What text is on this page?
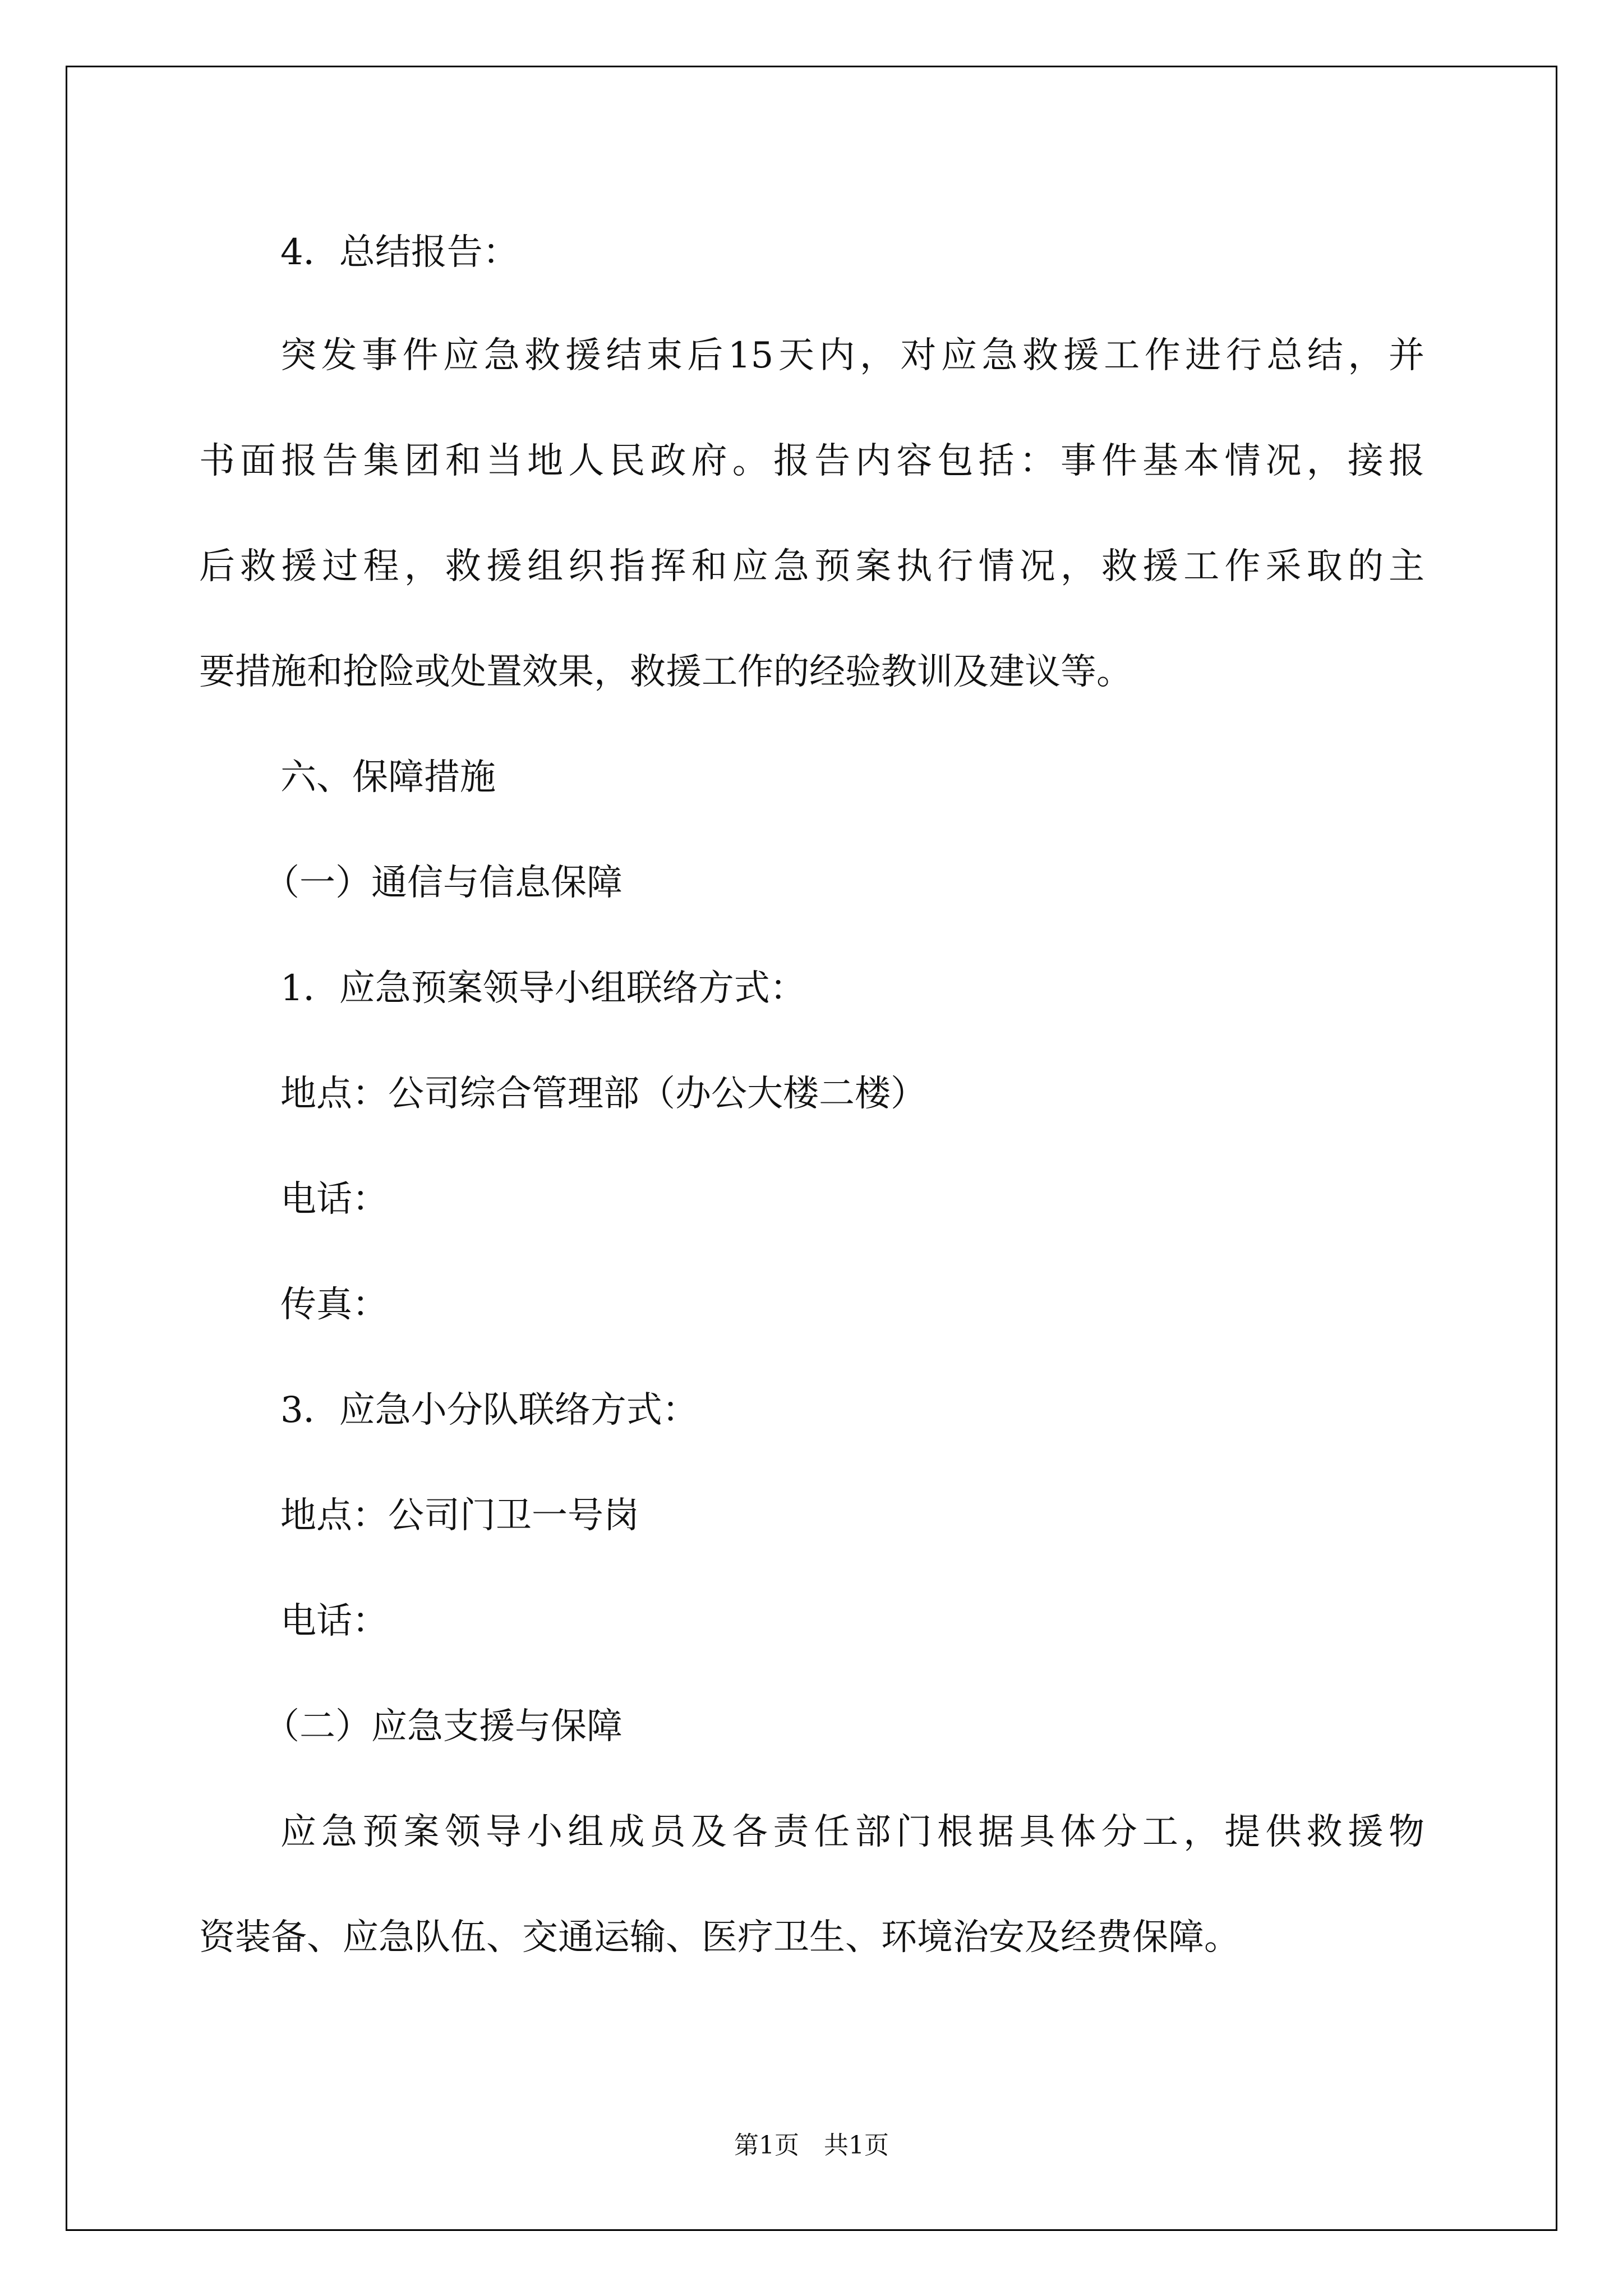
4．总结报告：
突发事件应急救援结束后15天内，对应急救援工作进行总结，并
书面报告集团和当地人民政府。报告内容包括：事件基本情况，接报
后救援过程，救援组织指挥和应急预案执行情况，救援工作采取的主
要措施和抢险或处置效果，救援工作的经验教训及建议等。
六、保障措施
（一）通信与信息保障
1．应急预案领导小组联络方式：
地点：公司综合管理部（办公大楼二楼）
电话：
传真：
3．应急小分队联络方式：
地点：公司门卫一号岗
电话：
（二）应急支援与保障
应急预案领导小组成员及各责任部门根据具体分工，提供救援物
资装备、应急队伍、交通运输、医疗卫生、环境治安及经费保障。
第1页　共1页
